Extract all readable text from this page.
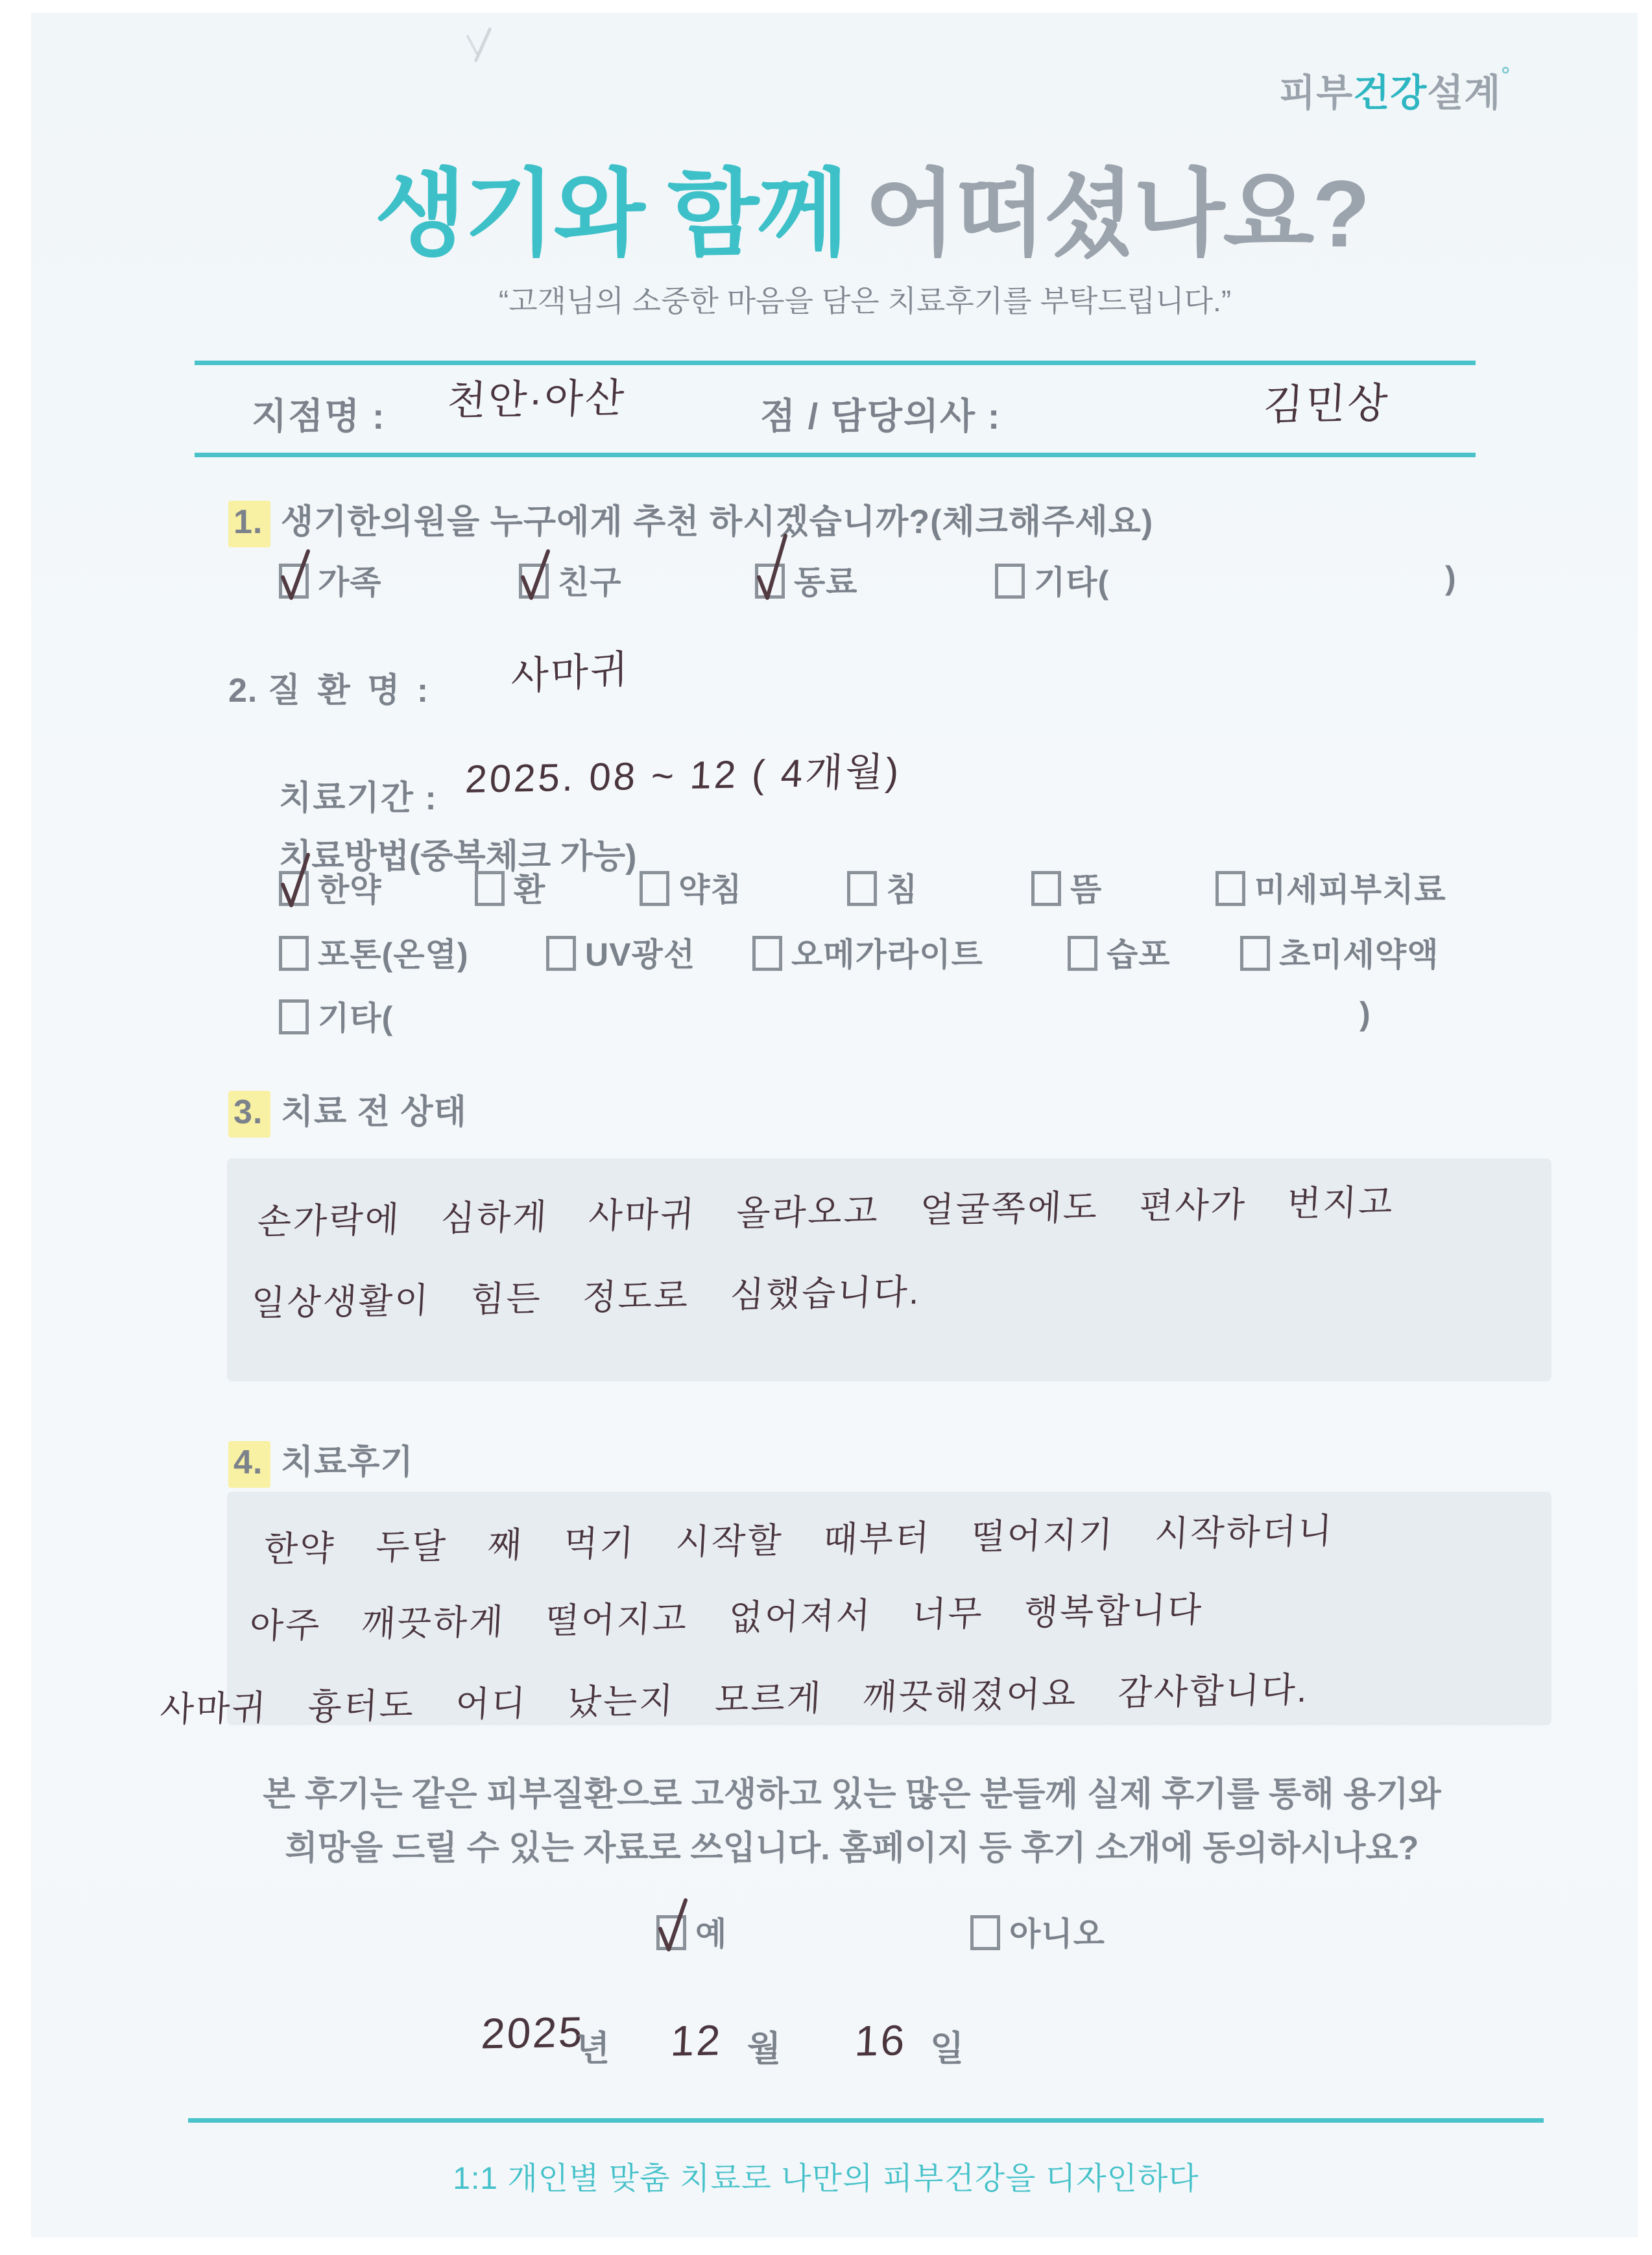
피부건강설계°
생기와 함께 어떠셨나요?
“고객님의 소중한 마음을 담은 치료후기를 부탁드립니다.”
지점명 : 천안·아산	점 / 담당의사 :	김민상
1. 생기한의원을 누구에게 추천 하시겠습니까?(체크해주세요)
가족	친구	동료	기타(	)
2. 질 환 명 : 사마귀
치료기간 : 2025. 08 ~ 12 ( 4개월)
치료방법(중복체크 가능)
한약	환	약침	침	뜸	미세피부치료
포톤(온열)	UV광선	오메가라이트	습포	초미세약액
기타(	)
3. 치료 전 상태
손가락에 심하게 사마귀 올라오고 얼굴쪽에도 편사가 번지고
일상생활이 힘든 정도로 심했습니다.
4. 치료후기
한약 두달 째 먹기 시작할 때부터 떨어지기 시작하더니
아주 깨끗하게 떨어지고 없어져서 너무 행복합니다
사마귀 흉터도 어디 났는지 모르게 깨끗해졌어요 감사합니다.
본 후기는 같은 피부질환으로 고생하고 있는 많은 분들께 실제 후기를 통해 용기와
희망을 드릴 수 있는 자료로 쓰입니다. 홈페이지 등 후기 소개에 동의하시나요?
예	아니오
2025
년 12 월 16 일
1:1 개인별 맞춤 치료로 나만의 피부건강을 디자인하다
